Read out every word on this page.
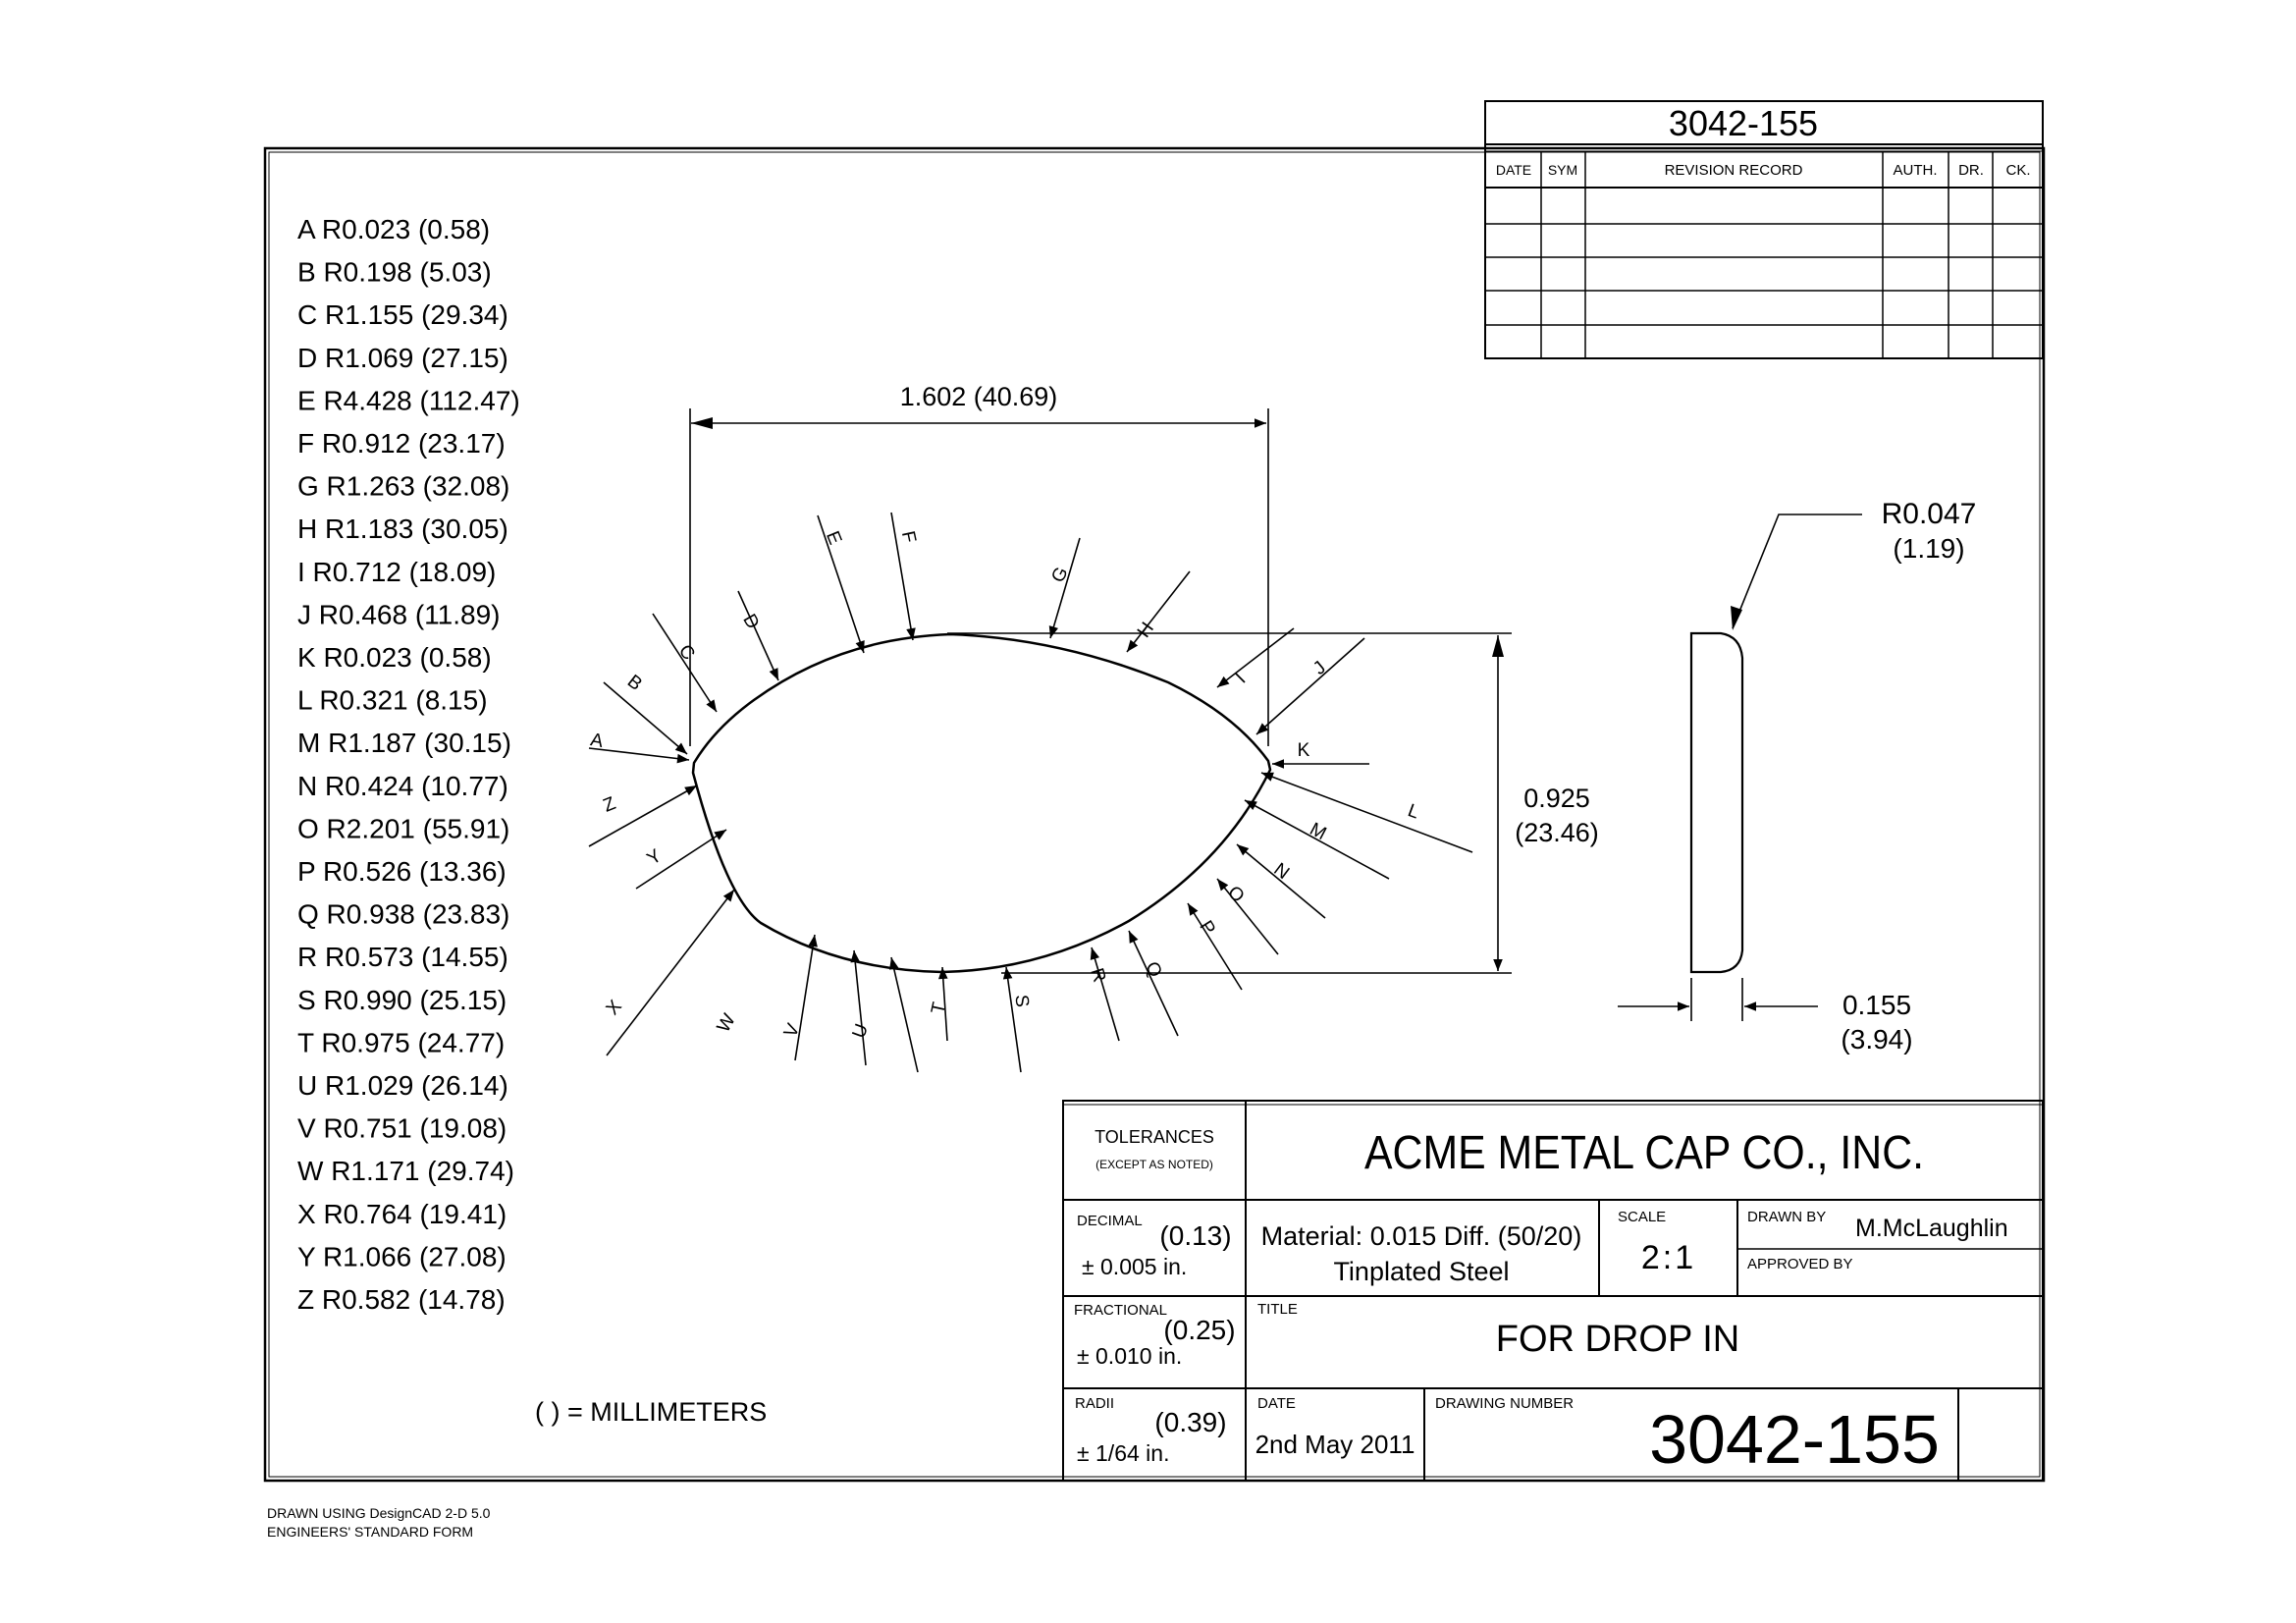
3042-155
DATE SYM	REVISION RECORD	AUTH. DR. CK.
A R0.023 (0.58)
B R0.198 (5.03)
C R1.155 (29.34)
D R1.069 (27.15)
E R4.428 (112.47)
F R0.912 (23.17)
G R1.263 (32.08)
H R1.183 (30.05)
I R0.712 (18.09)
J R0.468 (11.89)
K R0.023 (0.58)
L R0.321 (8.15)
M R1.187 (30.15)
N R0.424 (10.77)
O R2.201 (55.91)
P R0.526 (13.36)
Q R0.938 (23.83)
R R0.573 (14.55)
S R0.990 (25.15)
T R0.975 (24.77)
U R1.029 (26.14)
V R0.751 (19.08)
W R1.171 (29.74)
X R0.764 (19.41)
Y R1.066 (27.08)
Z R0.582 (14.78)
( ) = MILLIMETERS
DRAWN USING DesignCAD 2-D 5.0
ENGINEERS' STANDARD FORM
A
B
C
D
E	F
G
H
I	J
K
L
M
N
O
P
Q
R
S
T
U
V
W
X
Y
Z
1.602 (40.69)
0.925
(23.46)
R0.047
(1.19)
0.155
(3.94)
TOLERANCES
(EXCEPT AS NOTED)	ACME METAL CAP CO., INC.
DECIMAL (0.13)
± 0.005 in.
Material: 0.015 Diff. (50/20)
Tinplated Steel
SCALE
2:1
DRAWN BY M.McLaughlin
APPROVED BY
FRACTIONAL
(0.25)
± 0.010 in.
TITLE
FOR DROP IN
RADII
(0.39)
± 1/64 in.
DATE
2nd May 2011
DRAWING NUMBER 3042-155
